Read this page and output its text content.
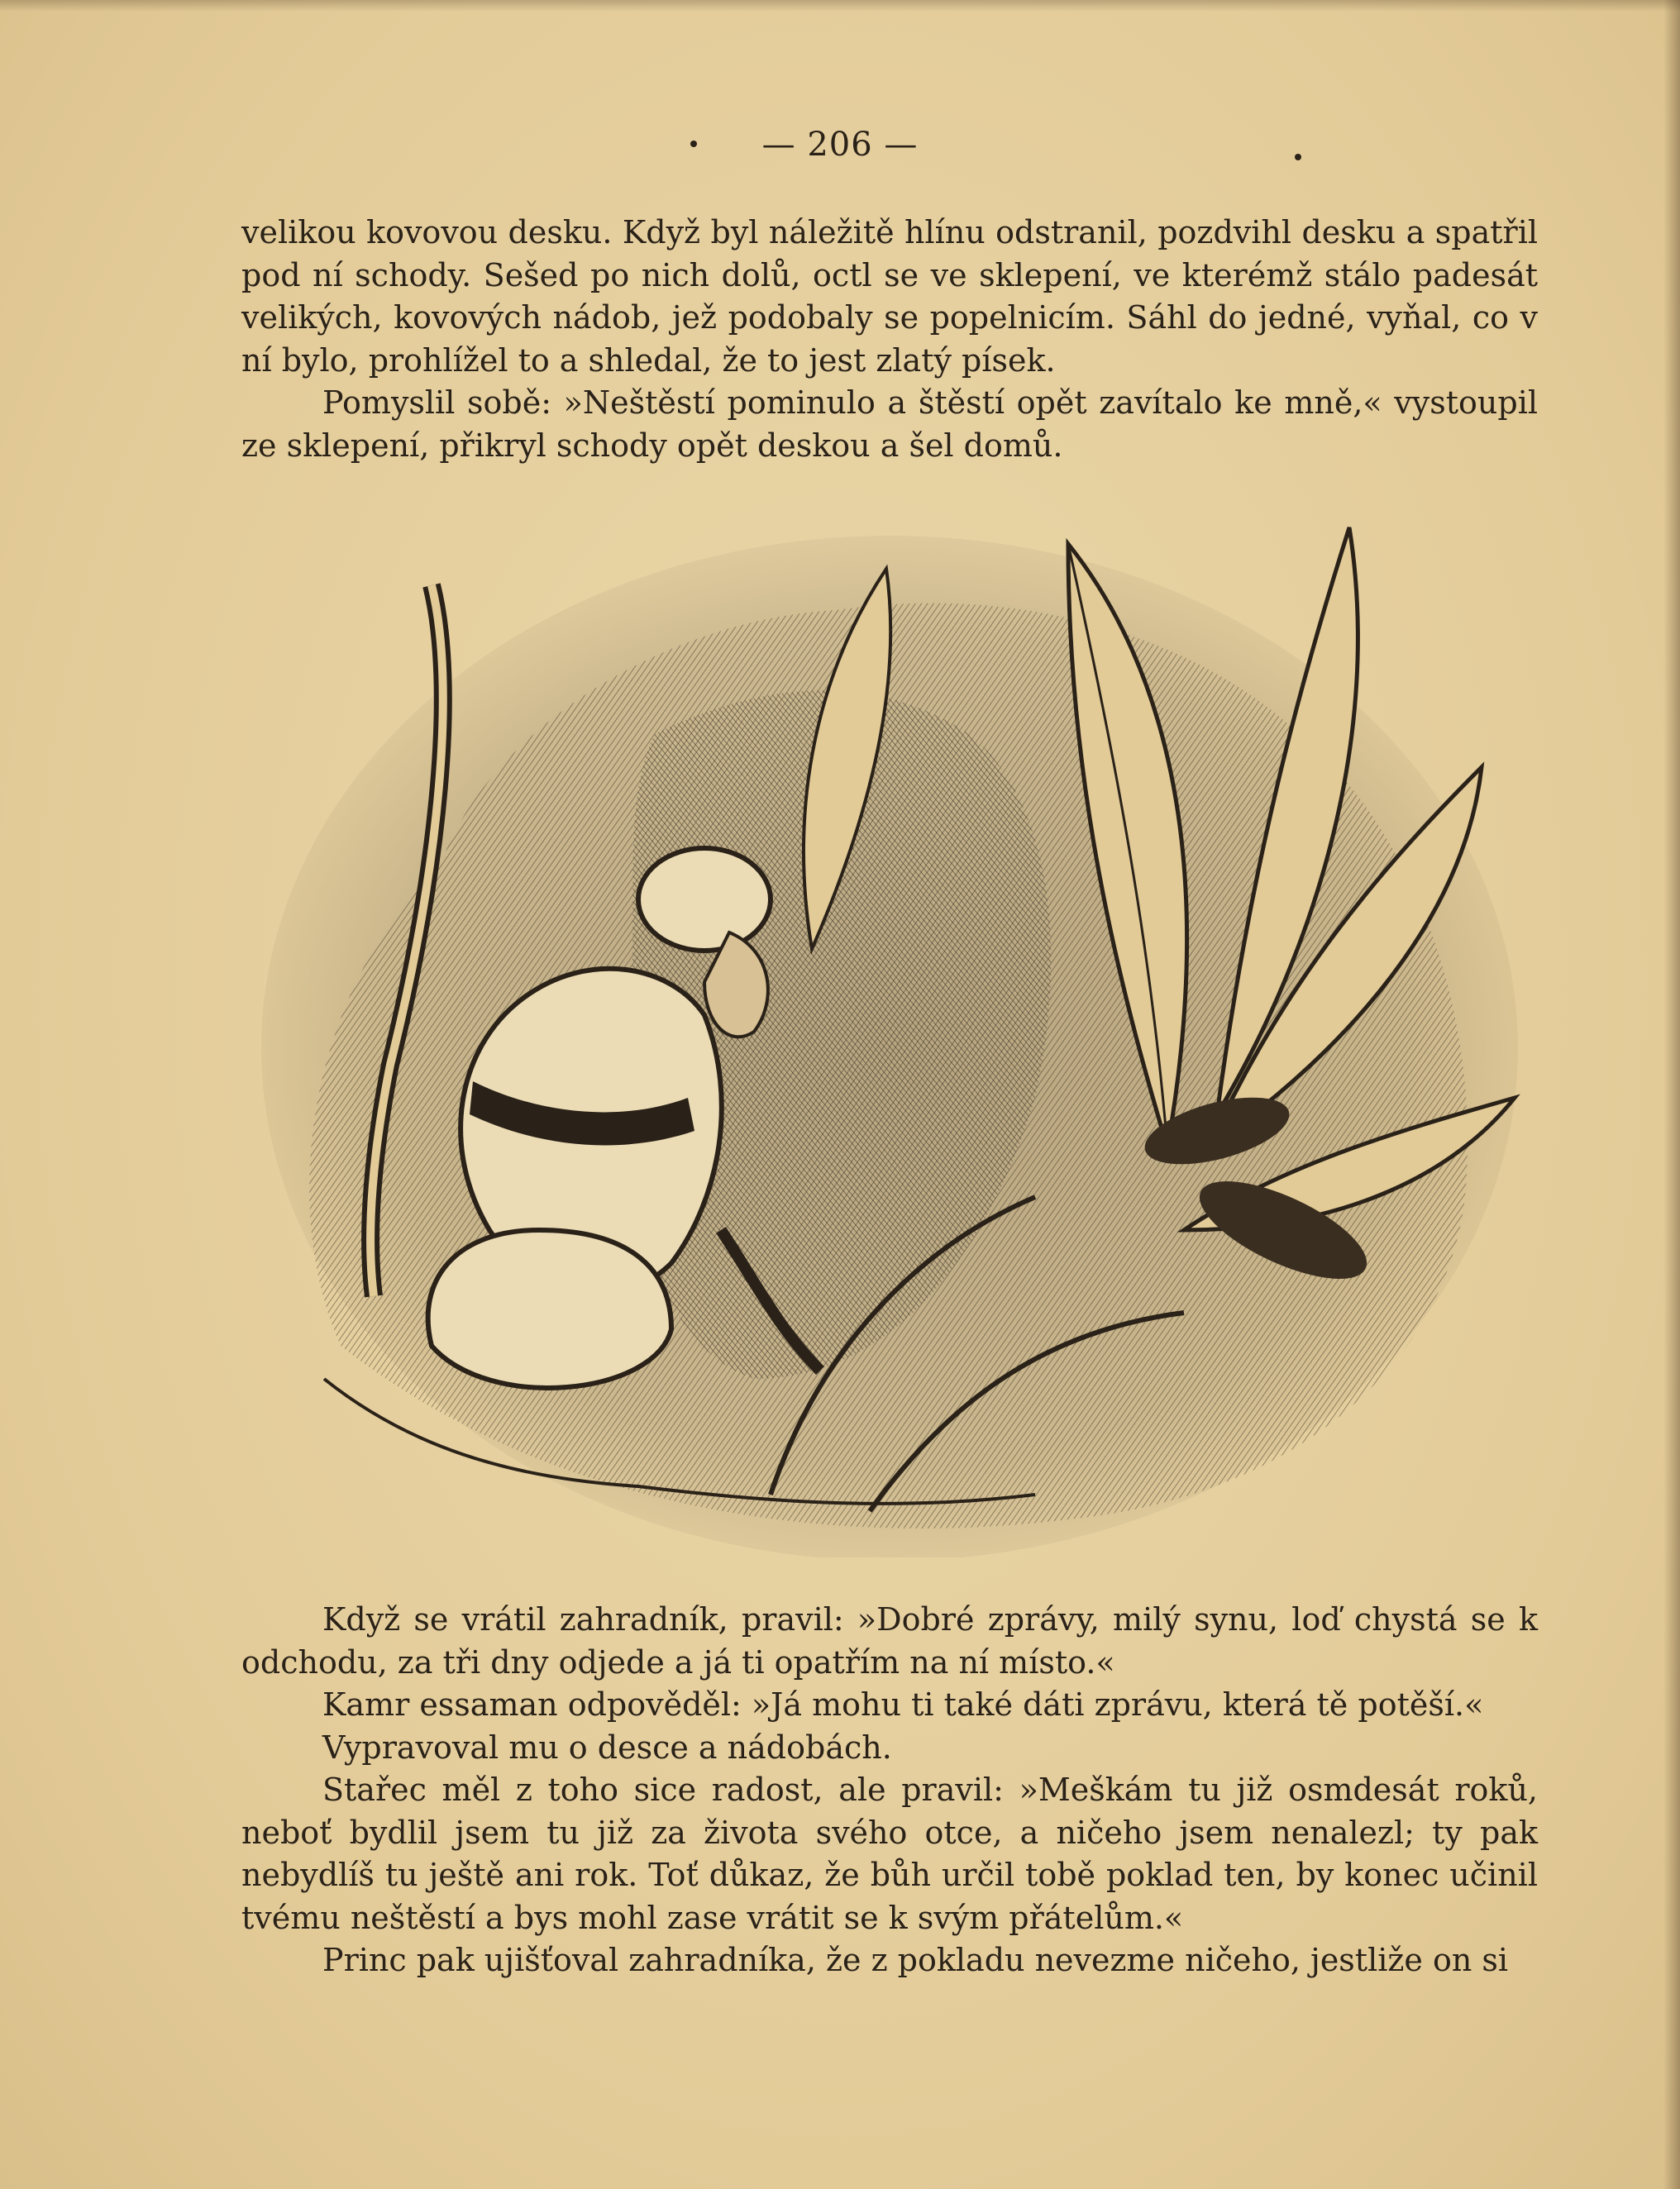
— 206 —

velikou kovovou desku. Když byl náležitě hlínu odstranil, pozdvihl desku a spatřil pod ní schody. Sešed po nich dolů, octl se ve sklepení, ve kterémž stálo padesát velikých, kovových nádob, jež podobaly se popelnicím. Sáhl do jedné, vyňal, co v ní bylo, prohlížel to a shledal, že to jest zlatý písek.

Pomyslil sobě: »Neštěstí pominulo a štěstí opět zavítalo ke mně,« vystoupil ze sklepení, přikryl schody opět deskou a šel domů.

Když se vrátil zahradník, pravil: »Dobré zprávy, milý synu, loď chystá se k odchodu, za tři dny odjede a já ti opatřím na ní místo.«

Kamr essaman odpověděl: »Já mohu ti také dáti zprávu, která tě potěší.«

Vypravoval mu o desce a nádobách.

Stařec měl z toho sice radost, ale pravil: »Meškám tu již osmdesát roků, neboť bydlil jsem tu již za života svého otce, a ničeho jsem nenalezl; ty pak nebydlíš tu ještě ani rok. Toť důkaz, že bůh určil tobě poklad ten, by konec učinil tvému neštěstí a bys mohl zase vrátit se k svým přátelům.«

Princ pak ujišťoval zahradníka, že z pokladu nevezme ničeho, jestliže on si
